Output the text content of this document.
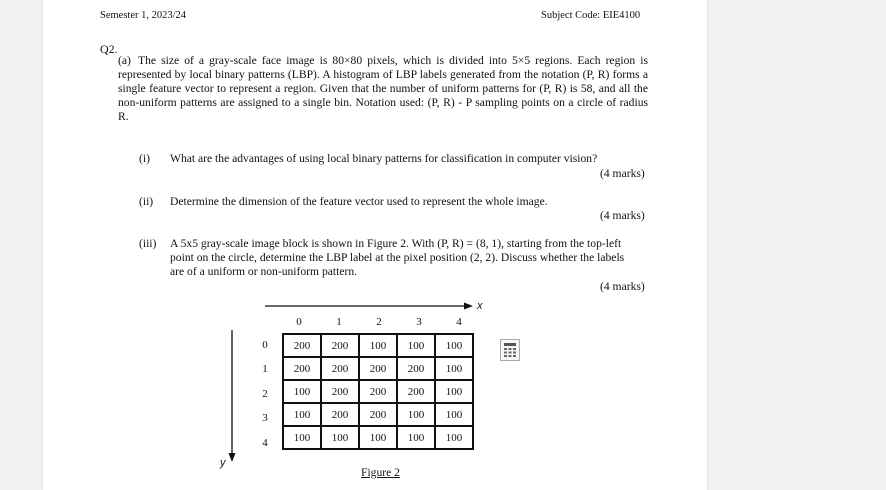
Semester 1, 2023/24	Subject Code: EIE4100
Q2.
(a) The size of a gray-scale face image is 80×80 pixels, which is divided into 5×5 regions. Each region is represented by local binary patterns (LBP). A histogram of LBP labels generated from the notation (P, R) forms a single feature vector to represent a region. Given that the number of uniform patterns for (P, R) is 58, and all the non-uniform patterns are assigned to a single bin. Notation used: (P, R) - P sampling points on a circle of radius R.
(i) What are the advantages of using local binary patterns for classification in computer vision?
(4 marks)
(ii) Determine the dimension of the feature vector used to represent the whole image.
(4 marks)
(iii) A 5x5 gray-scale image block is shown in Figure 2. With (P, R) = (8, 1), starting from the top-left
point on the circle, determine the LBP label at the pixel position (2, 2). Discuss whether the labels
are of a uniform or non-uniform pattern.
(4 marks)
x
y
0	1	2	3	4
0
1
2
3
4
200	200	100	100	100
200	200	200	200	100
100	200	200	200	100
100	200	200	100	100
100	100	100	100	100
Figure 2
